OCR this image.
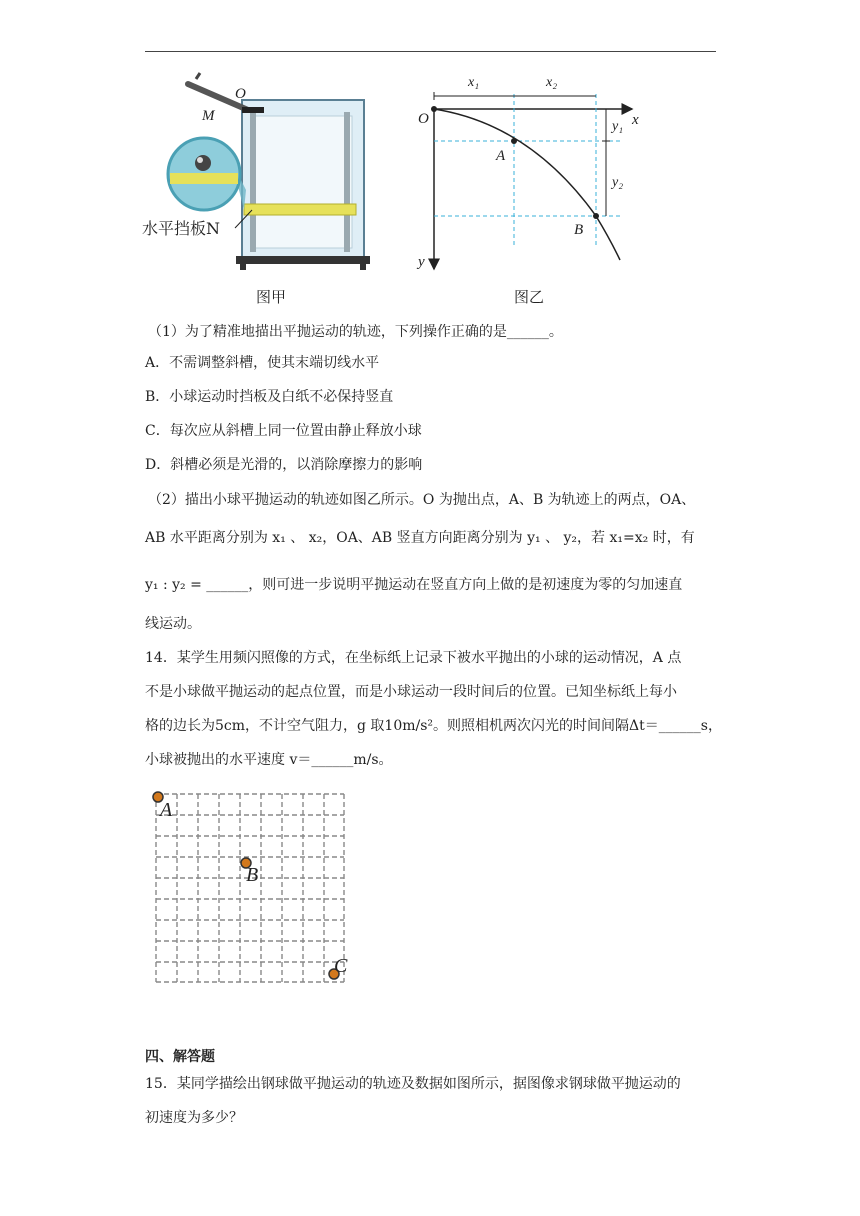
O
M
水平挡板N
图甲
x
y
O
x₁	x₂
y₁
y₂
A
B
图乙
（1）为了精准地描出平抛运动的轨迹，下列操作正确的是______。
A．不需调整斜槽，使其末端切线水平
B．小球运动时挡板及白纸不必保持竖直
C．每次应从斜槽上同一位置由静止释放小球
D．斜槽必须是光滑的，以消除摩擦力的影响
（2）描出小球平抛运动的轨迹如图乙所示。O 为抛出点，A、B 为轨迹上的两点，OA、
AB 水平距离分别为 x₁ 、 x₂，OA、AB 竖直方向距离分别为 y₁ 、 y₂，若 x₁=x₂ 时，有
y₁ : y₂ = ______，则可进一步说明平抛运动在竖直方向上做的是初速度为零的匀加速直
线运动。
14．某学生用频闪照像的方式，在坐标纸上记录下被水平抛出的小球的运动情况，A 点
不是小球做平抛运动的起点位置，而是小球运动一段时间后的位置。已知坐标纸上每小
格的边长为5cm，不计空气阻力，g 取10m/s²。则照相机两次闪光的时间间隔Δt＝______s，
小球被抛出的水平速度 v＝______m/s。
A
B
C
四、解答题
15．某同学描绘出钢球做平抛运动的轨迹及数据如图所示，据图像求钢球做平抛运动的
初速度为多少？
